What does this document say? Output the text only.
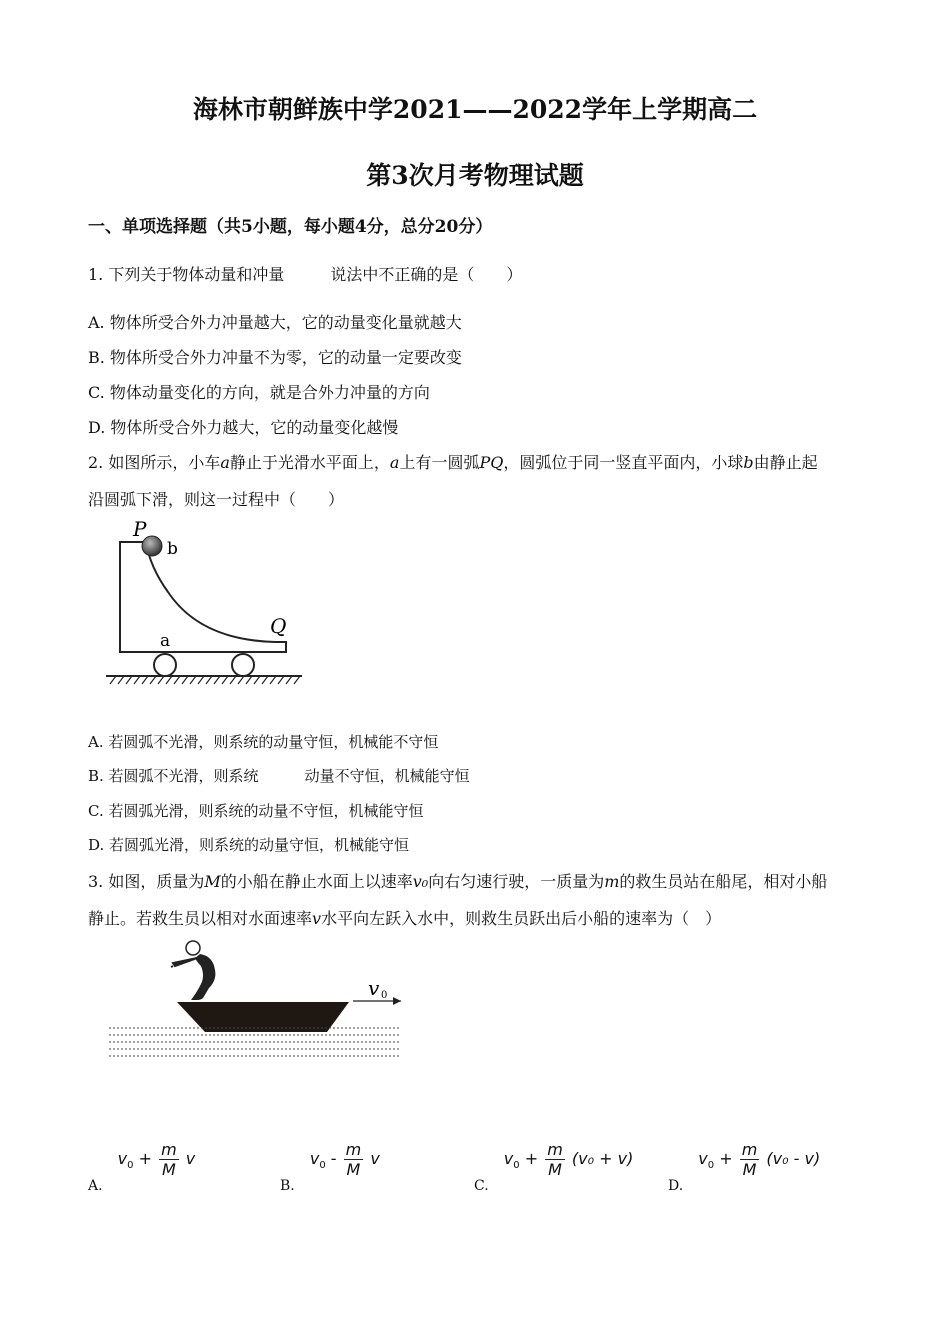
海林市朝鲜族中学2021——2022学年上学期高二
第3次月考物理试题
一、单项选择题（共5小题，每小题4分，总分20分）
1. 下列关于物体动量和冲量	说法中不正确的是（　　）
A. 物体所受合外力冲量越大，它的动量变化量就越大
B. 物体所受合外力冲量不为零，它的动量一定要改变
C. 物体动量变化的方向，就是合外力冲量的方向
D. 物体所受合外力越大，它的动量变化越慢
2. 如图所示，小车a静止于光滑水平面上，a上有一圆弧PQ，圆弧位于同一竖直平面内，小球b由静止起
沿圆弧下滑，则这一过程中（　　）
P
b
Q
a
A. 若圆弧不光滑，则系统的动量守恒，机械能不守恒
B. 若圆弧不光滑，则系统	动量不守恒，机械能守恒
C. 若圆弧光滑，则系统的动量不守恒，机械能守恒
D. 若圆弧光滑，则系统的动量守恒，机械能守恒
3. 如图，质量为M的小船在静止水面上以速率v₀向右匀速行驶，一质量为m的救生员站在船尾，相对小船
静止。若救生员以相对水面速率v水平向左跃入水中，则救生员跃出后小船的速率为（　）
v 0
A. $v_0 + \frac{m}{M}$ v
B. $v_0 - \frac{m}{M}$ v
C. $v_0 + \frac{m}{M} (v_0 + v)$
D. $v_0 + \frac{m}{M} (v_0 - v)$
